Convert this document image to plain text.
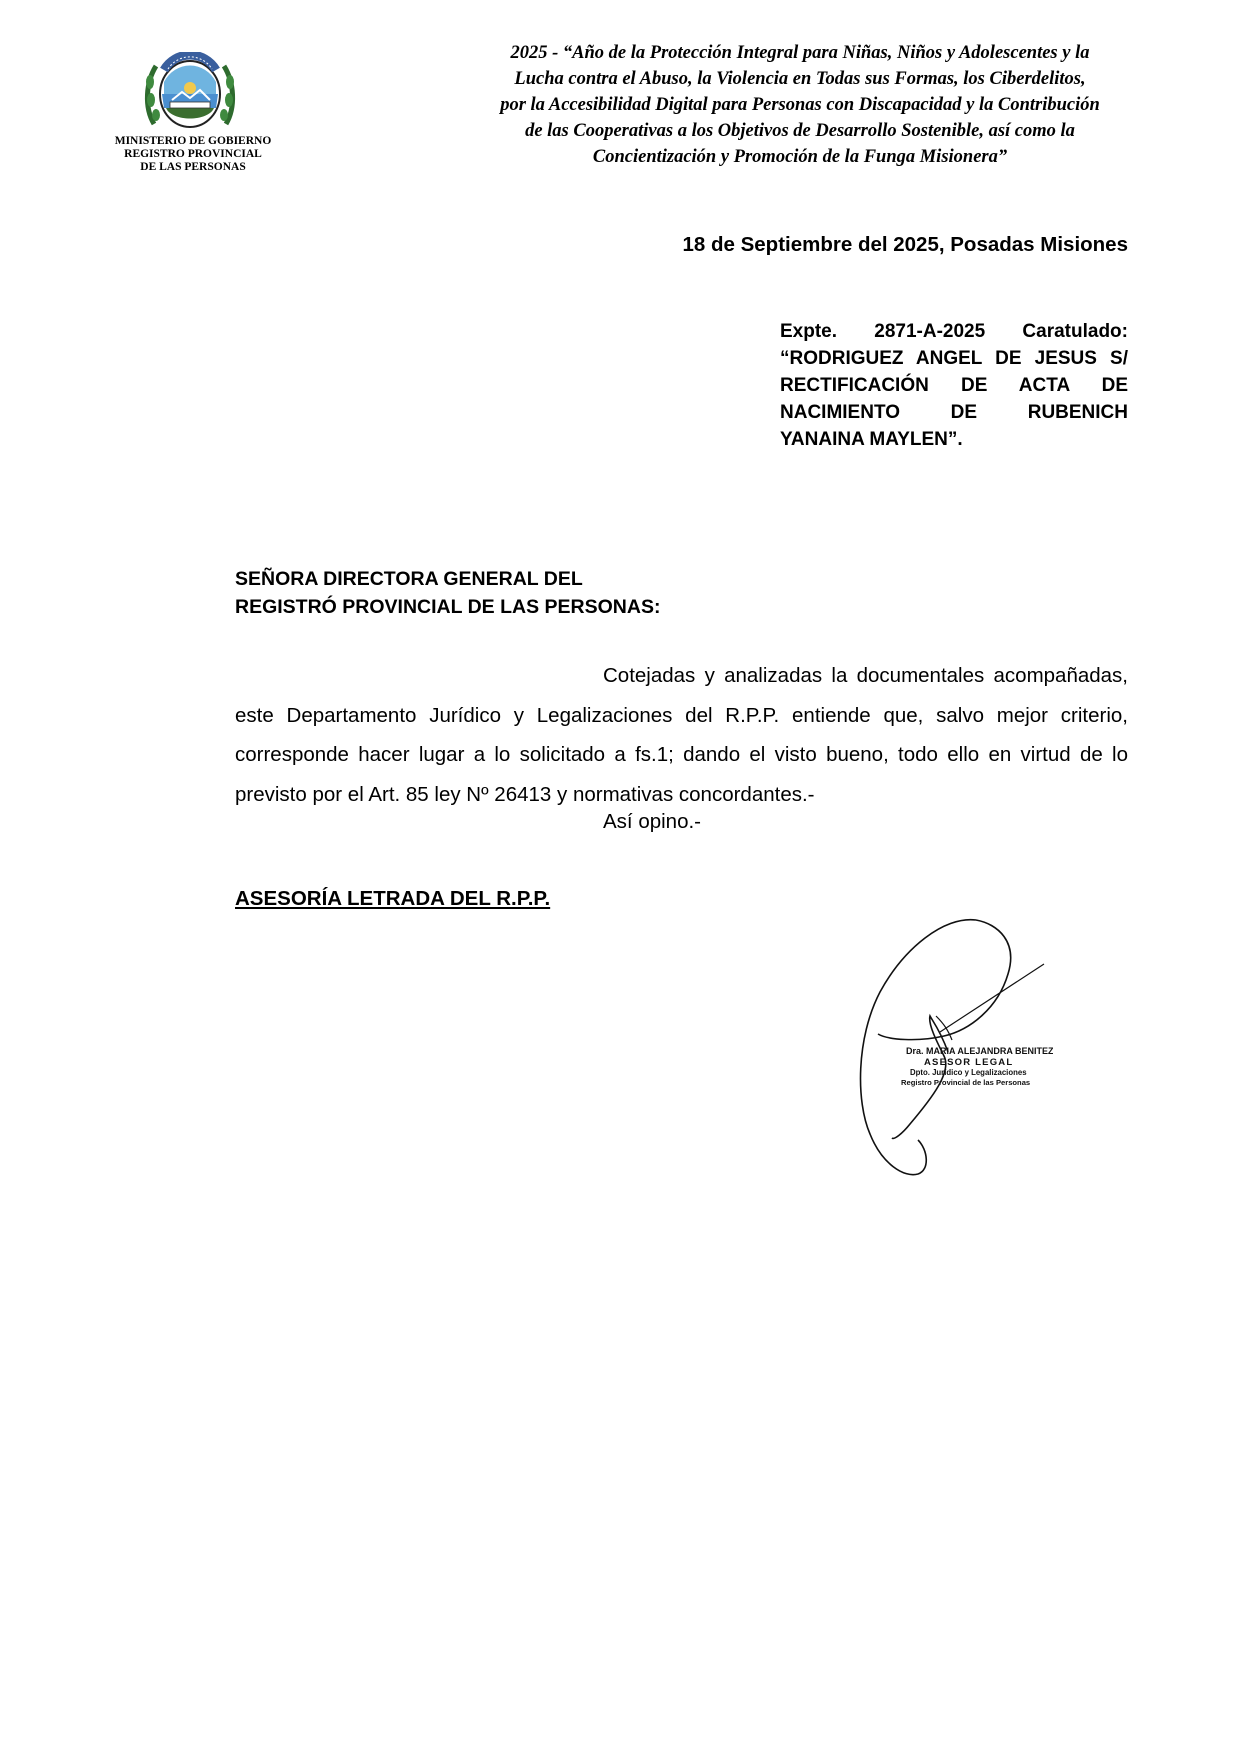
MINISTERIO DE GOBIERNO
REGISTRO PROVINCIAL
DE LAS PERSONAS
2025 - “Año de la Protección Integral para Niñas, Niños y Adolescentes y la
Lucha contra el Abuso, la Violencia en Todas sus Formas, los Ciberdelitos,
por la Accesibilidad Digital para Personas con Discapacidad y la Contribución
de las Cooperativas a los Objetivos de Desarrollo Sostenible, así como la
Concientización y Promoción de la Funga Misionera”
18 de Septiembre del 2025, Posadas Misiones
Expte. 2871-A-2025 Caratulado:
“RODRIGUEZ ANGEL DE JESUS S/
RECTIFICACIÓN DE ACTA DE
NACIMIENTO DE RUBENICH
YANAINA MAYLEN”.
SEÑORA DIRECTORA GENERAL DEL
REGISTRÓ PROVINCIAL DE LAS PERSONAS:

Cotejadas y analizadas la documentales acompañadas, este Departamento Jurídico y Legalizaciones del R.P.P. entiende que, salvo mejor criterio, corresponde hacer lugar a lo solicitado a fs.1; dando el visto bueno, todo ello en virtud de lo previsto por el Art. 85 ley Nº 26413 y normativas concordantes.-

Así opino.-
ASESORÍA LETRADA DEL R.P.P.
Dra. MARIA ALEJANDRA BENITEZ
ASESOR LEGAL
Dpto. Jurídico y Legalizaciones
Registro Provincial de las Personas
